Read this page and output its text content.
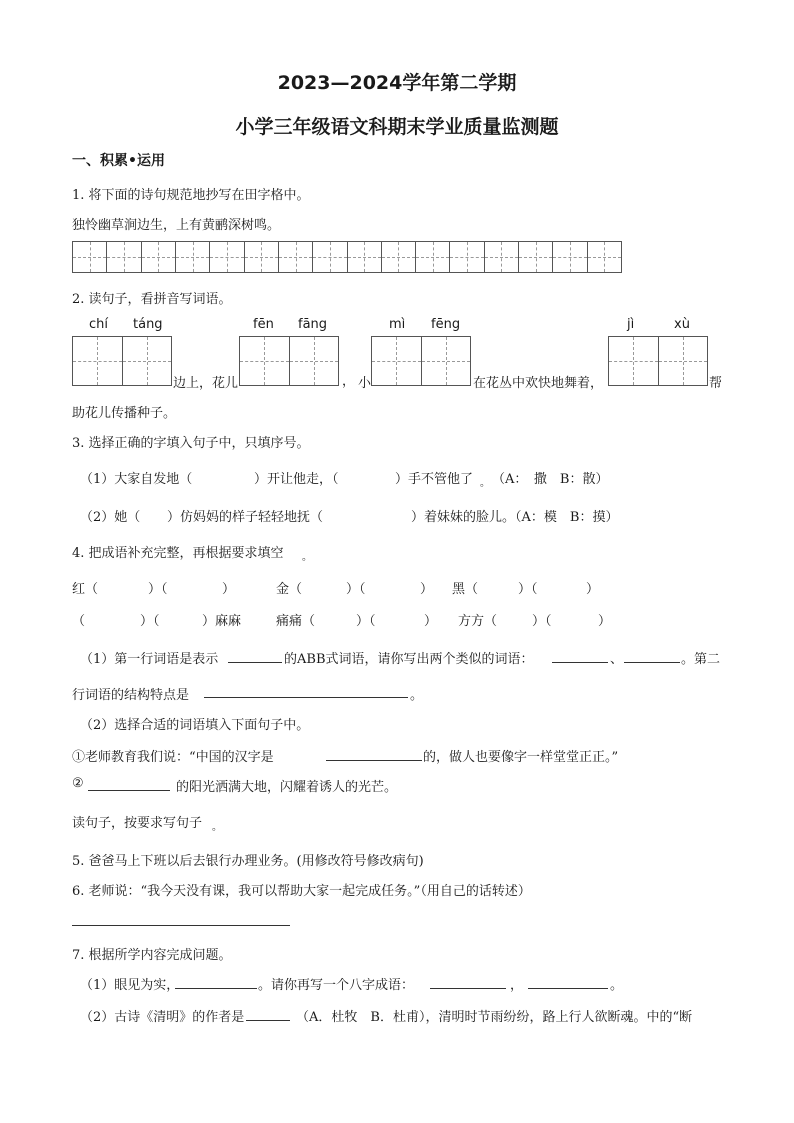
2023—2024学年第二学期
小学三年级语文科期末学业质量监测题
一、积累•运用
1. 将下面的诗句规范地抄写在田字格中。
独怜幽草涧边生，上有黄鹂深树鸣。
2. 读句子，看拼音写词语。
chí táng	fēn fāng	mì fēng	jì	xù
边上，花儿	， 小	在花丛中欢快地舞着，	帮
助花儿传播种子。
3. 选择正确的字填入句子中，只填序号。
（1）大家自发地（	）开让他走，（	）手不管他了 。 （A：　撒　B：散）
（2）她（ ）仿妈妈的样子轻轻地抚（	）着妹妹的脸儿。（A：模　B：摸）
4. 把成语补充完整，再根据要求填空 。
红（	）（	）	金（	）（	） 黑（	）（	）
（	）（	）麻麻	痛痛（	）（	） 方方（	）（	）
（1）第一行词语是表示	的ABB式词语，请你写出两个类似的词语：	、	。第二
行词语的结构特点是	。
（2）选择合适的词语填入下面句子中。
①老师教育我们说：“中国的汉字是	的，做人也要像字一样堂堂正正。”
②	的阳光洒满大地，闪耀着诱人的光芒。
读句子，按要求写句子 。
5. 爸爸马上下班以后去银行办理业务。(用修改符号修改病句)
6. 老师说：“我今天没有课，我可以帮助大家一起完成任务。”（用自己的话转述）
7. 根据所学内容完成问题。
（1）眼见为实，	。请你再写一个八字成语：	，	。
（2）古诗《清明》的作者是	（A．杜牧　B．杜甫），清明时节雨纷纷，路上行人欲断魂。中的“断
